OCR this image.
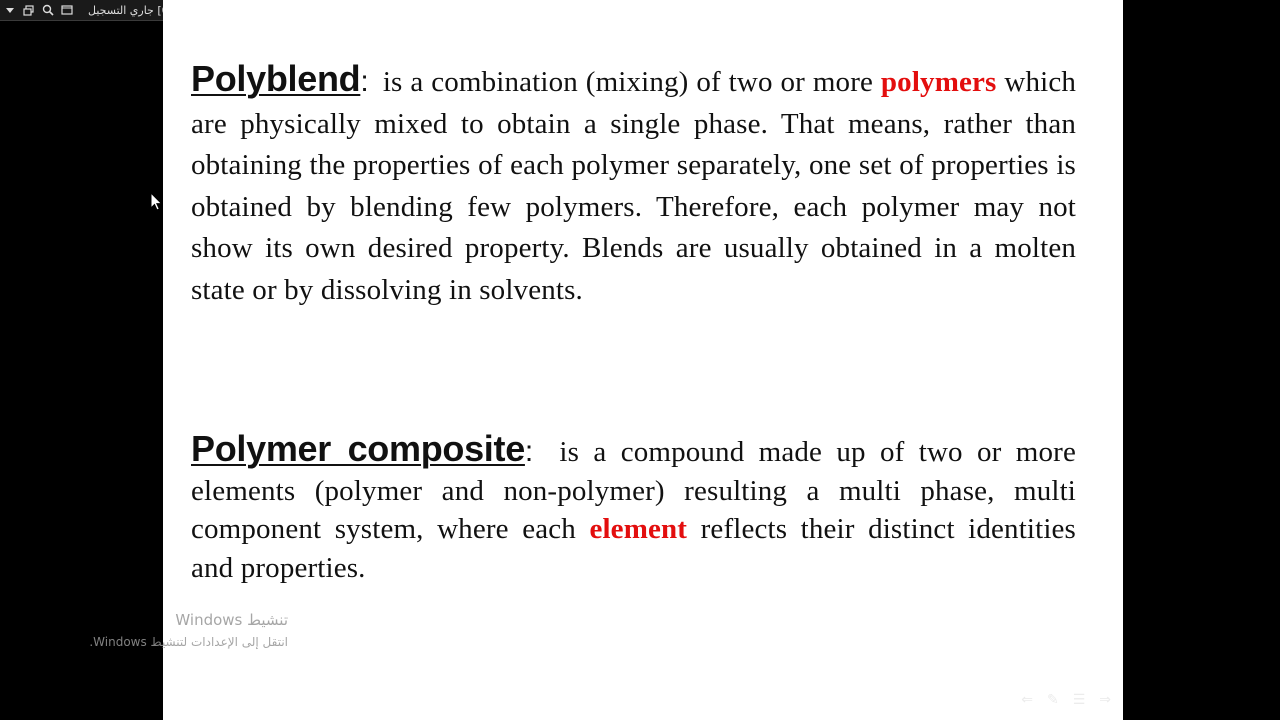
] جاري التسجيل
Polyblend: is a combination (mixing) of two or more polymers which are physically mixed to obtain a single phase. That means, rather than obtaining the properties of each polymer separately, one set of properties is obtained by blending few polymers. Therefore, each polymer may not show its own desired property. Blends are usually obtained in a molten state or by dissolving in solvents.
Polymer composite: is a compound made up of two or more elements (polymer and non-polymer) resulting a multi phase, multi component system, where each element reflects their distinct identities and properties.
⇐ ✎ ☰ ⇒
تنشيط Windows
انتقل إلى الإعدادات لتنشيط Windows.
